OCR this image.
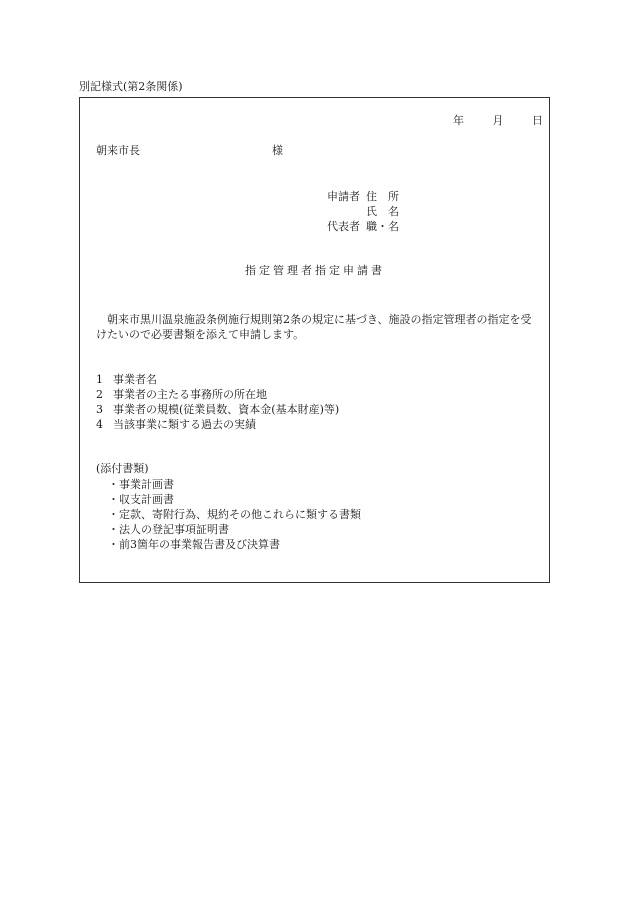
別記様式(第2条関係)
年	月	日
朝来市長	様
申請者 住　所
氏　名
代表者 職・名
指定管理者指定申請書
朝来市黒川温泉施設条例施行規則第2条の規定に基づき、施設の指定管理者の指定を受けたいので必要書類を添えて申請します。
1 事業者名
2 事業者の主たる事務所の所在地
3 事業者の規模(従業員数、資本金(基本財産)等)
4 当該事業に類する過去の実績
(添付書類)
・事業計画書
・収支計画書
・定款、寄附行為、規約その他これらに類する書類
・法人の登記事項証明書
・前3箇年の事業報告書及び決算書
